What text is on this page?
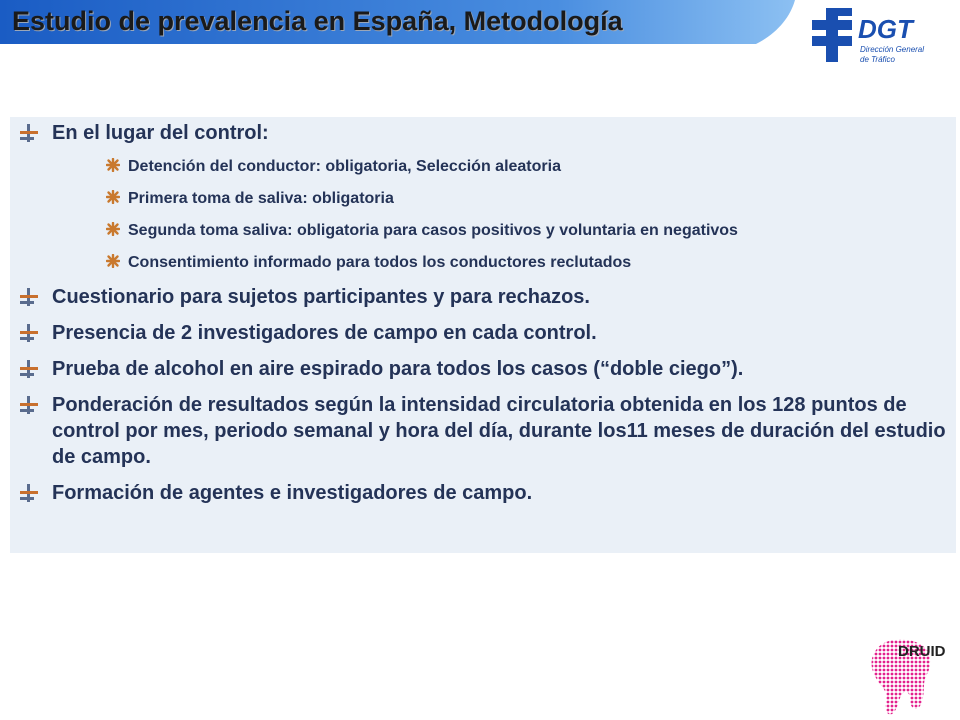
Estudio de prevalencia en España, Metodología	DGT
Dirección General
de Tráfico
En el lugar del control:
Detención del conductor: obligatoria, Selección aleatoria
Primera toma de saliva: obligatoria
Segunda toma saliva: obligatoria para casos positivos y voluntaria en negativos
Consentimiento informado para todos los conductores reclutados
Cuestionario para sujetos participantes y para rechazos.
Presencia de 2 investigadores de campo en cada control.
Prueba de alcohol en aire espirado para todos los casos (“doble ciego”).
Ponderación de resultados según la intensidad circulatoria obtenida en los 128 puntos de control por mes, periodo semanal y hora del día, durante los11 meses de duración del estudio de campo.
Formación de agentes e investigadores de campo.
DRUID
